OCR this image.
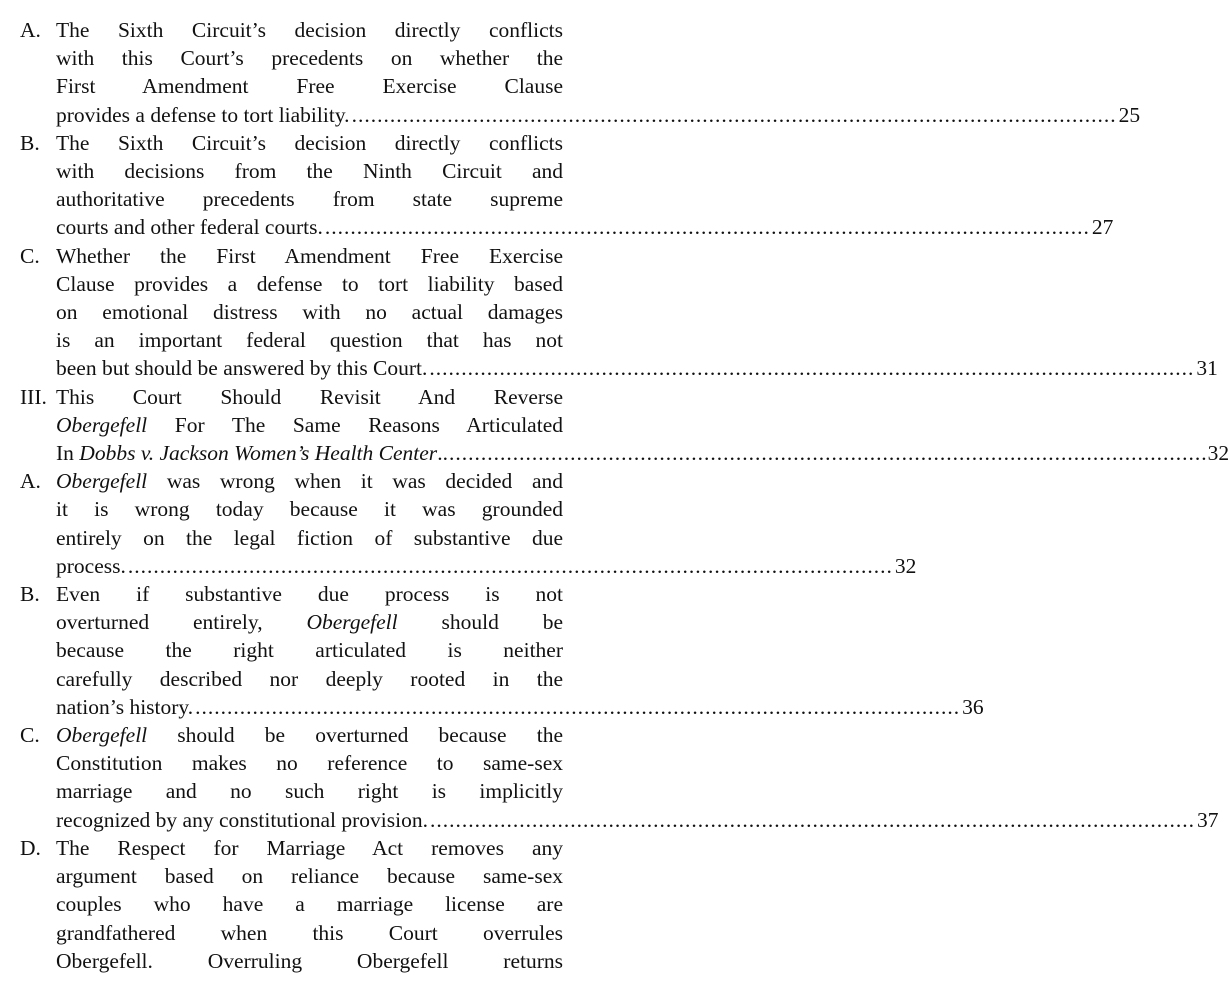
A. The Sixth Circuit’s decision directly conflicts
with this Court’s precedents on whether the
First Amendment Free Exercise Clause
provides a defense to tort liability. ........................................................................................................................ 25
B. The Sixth Circuit’s decision directly conflicts
with decisions from the Ninth Circuit and
authoritative precedents from state supreme
courts and other federal courts. ........................................................................................................................ 27
C. Whether the First Amendment Free Exercise
Clause provides a defense to tort liability based
on emotional distress with no actual damages
is an important federal question that has not
been but should be answered by this Court. ........................................................................................................................ 31
III. This Court Should Revisit And Reverse
Obergefell For The Same Reasons Articulated
In Dobbs v. Jackson Women’s Health Center. ........................................................................................................................ 32
A. Obergefell was wrong when it was decided and
it is wrong today because it was grounded
entirely on the legal fiction of substantive due
process. ........................................................................................................................ 32
B. Even if substantive due process is not
overturned entirely, Obergefell should be
because the right articulated is neither
carefully described nor deeply rooted in the
nation’s history. ........................................................................................................................ 36
C. Obergefell should be overturned because the
Constitution makes no reference to same-sex
marriage and no such right is implicitly
recognized by any constitutional provision. ........................................................................................................................ 37
D. The Respect for Marriage Act removes any
argument based on reliance because same-sex
couples who have a marriage license are
grandfathered when this Court overrules
Obergefell. Overruling Obergefell returns
